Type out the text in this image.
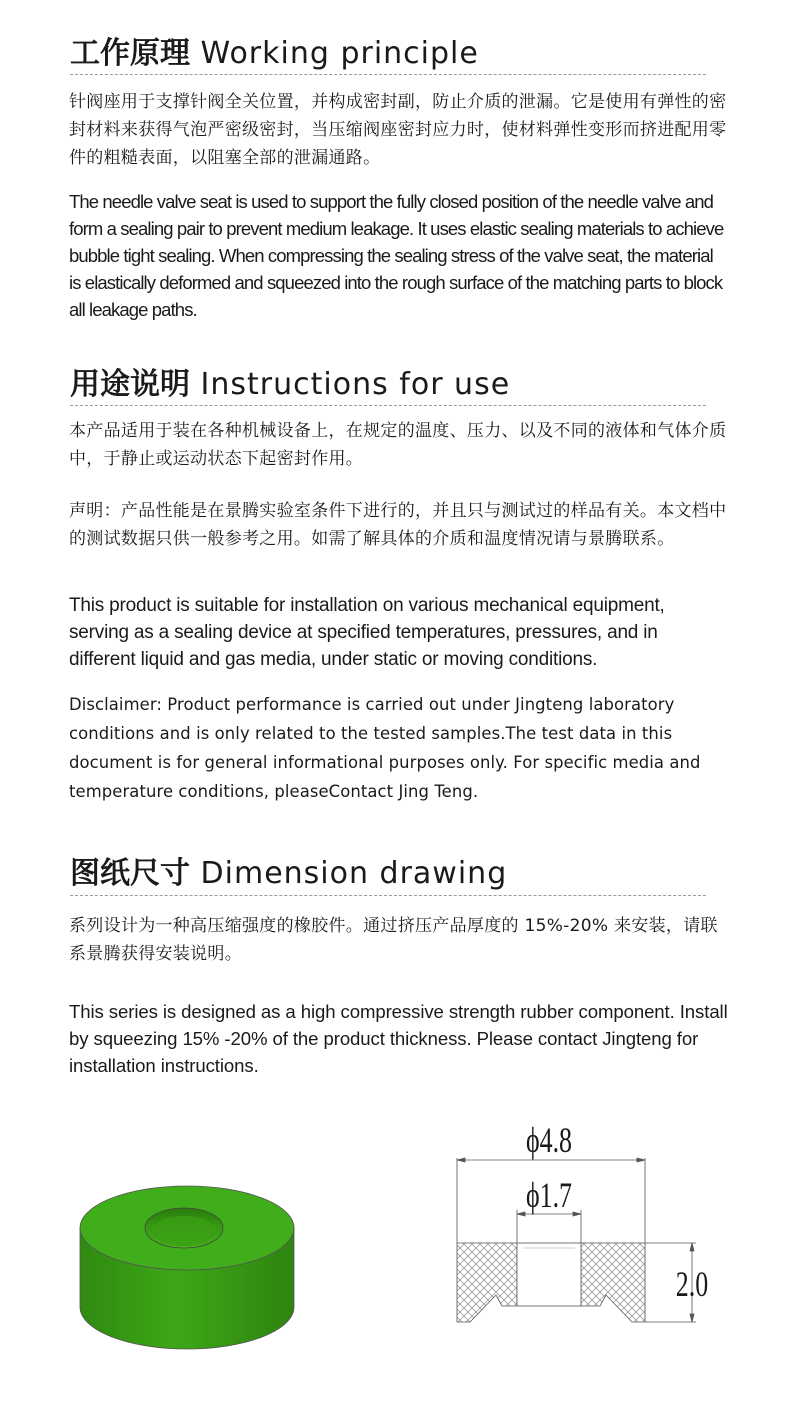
工作原理 Working principle

针阀座用于支撑针阀全关位置，并构成密封副，防止介质的泄漏。它是使用有弹性的密封材料来获得气泡严密级密封，当压缩阀座密封应力时，使材料弹性变形而挤进配用零件的粗糙表面，以阻塞全部的泄漏通路。

The needle valve seat is used to support the fully closed position of the needle valve and form a sealing pair to prevent medium leakage. It uses elastic sealing materials to achieve bubble tight sealing. When compressing the sealing stress of the valve seat, the material is elastically deformed and squeezed into the rough surface of the matching parts to block all leakage paths.

用途说明 Instructions for use

本产品适用于装在各种机械设备上，在规定的温度、压力、以及不同的液体和气体介质中，于静止或运动状态下起密封作用。

声明：产品性能是在景腾实验室条件下进行的，并且只与测试过的样品有关。本文档中的测试数据只供一般参考之用。如需了解具体的介质和温度情况请与景腾联系。

This product is suitable for installation on various mechanical equipment, serving as a sealing device at specified temperatures, pressures, and in different liquid and gas media, under static or moving conditions.

Disclaimer: Product performance is carried out under Jingteng laboratory conditions and is only related to the tested samples.The test data in this document is for general informational purposes only. For specific media and temperature conditions, pleaseContact Jing Teng.

图纸尺寸 Dimension drawing

系列设计为一种高压缩强度的橡胶件。通过挤压产品厚度的 15%-20% 来安装，请联系景腾获得安装说明。

This series is designed as a high compressive strength rubber component. Install by squeezing 15% -20% of the product thickness. Please contact Jingteng for installation instructions.

ϕ4.8
ϕ1.7
2.0
